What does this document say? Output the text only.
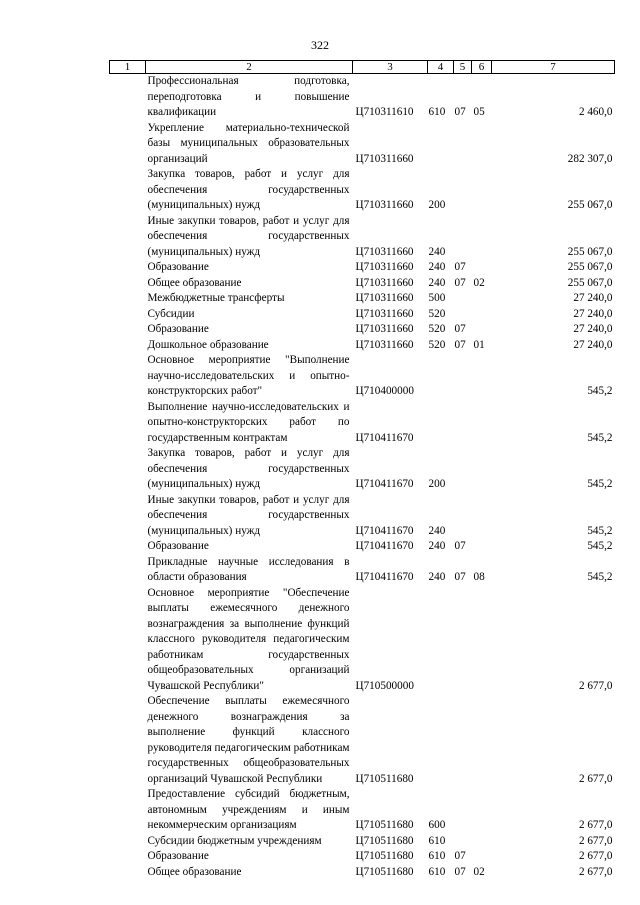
322
1	2	3	4	5	6	7
	Профессиональная подготовка, переподготовка и повышение квалификации	Ц710311610	610	07	05	2 460,0
	Укрепление материально-технической базы муниципальных образовательных организаций	Ц710311660				282 307,0
	Закупка товаров, работ и услуг для обеспечения государственных (муниципальных) нужд	Ц710311660	200			255 067,0
	Иные закупки товаров, работ и услуг для обеспечения государственных (муниципальных) нужд	Ц710311660	240			255 067,0
	Образование	Ц710311660	240	07		255 067,0
	Общее образование	Ц710311660	240	07	02	255 067,0
	Межбюджетные трансферты	Ц710311660	500			27 240,0
	Субсидии	Ц710311660	520			27 240,0
	Образование	Ц710311660	520	07		27 240,0
	Дошкольное образование	Ц710311660	520	07	01	27 240,0
	Основное мероприятие "Выполнение научно-исследовательских и опытно-конструкторских работ"	Ц710400000				545,2
	Выполнение научно-исследовательских и опытно-конструкторских работ по государственным контрактам	Ц710411670				545,2
	Закупка товаров, работ и услуг для обеспечения государственных (муниципальных) нужд	Ц710411670	200			545,2
	Иные закупки товаров, работ и услуг для обеспечения государственных (муниципальных) нужд	Ц710411670	240			545,2
	Образование	Ц710411670	240	07		545,2
	Прикладные научные исследования в области образования	Ц710411670	240	07	08	545,2
	Основное мероприятие "Обеспечение выплаты ежемесячного денежного вознаграждения за выполнение функций классного руководителя педагогическим работникам государственных общеобразовательных организаций Чувашской Республики"	Ц710500000				2 677,0
	Обеспечение выплаты ежемесячного денежного вознаграждения за выполнение функций классного руководителя педагогическим работникам государственных общеобразовательных организаций Чувашской Республики	Ц710511680				2 677,0
	Предоставление субсидий бюджетным, автономным учреждениям и иным некоммерческим организациям	Ц710511680	600			2 677,0
	Субсидии бюджетным учреждениям	Ц710511680	610			2 677,0
	Образование	Ц710511680	610	07		2 677,0
	Общее образование	Ц710511680	610	07	02	2 677,0
